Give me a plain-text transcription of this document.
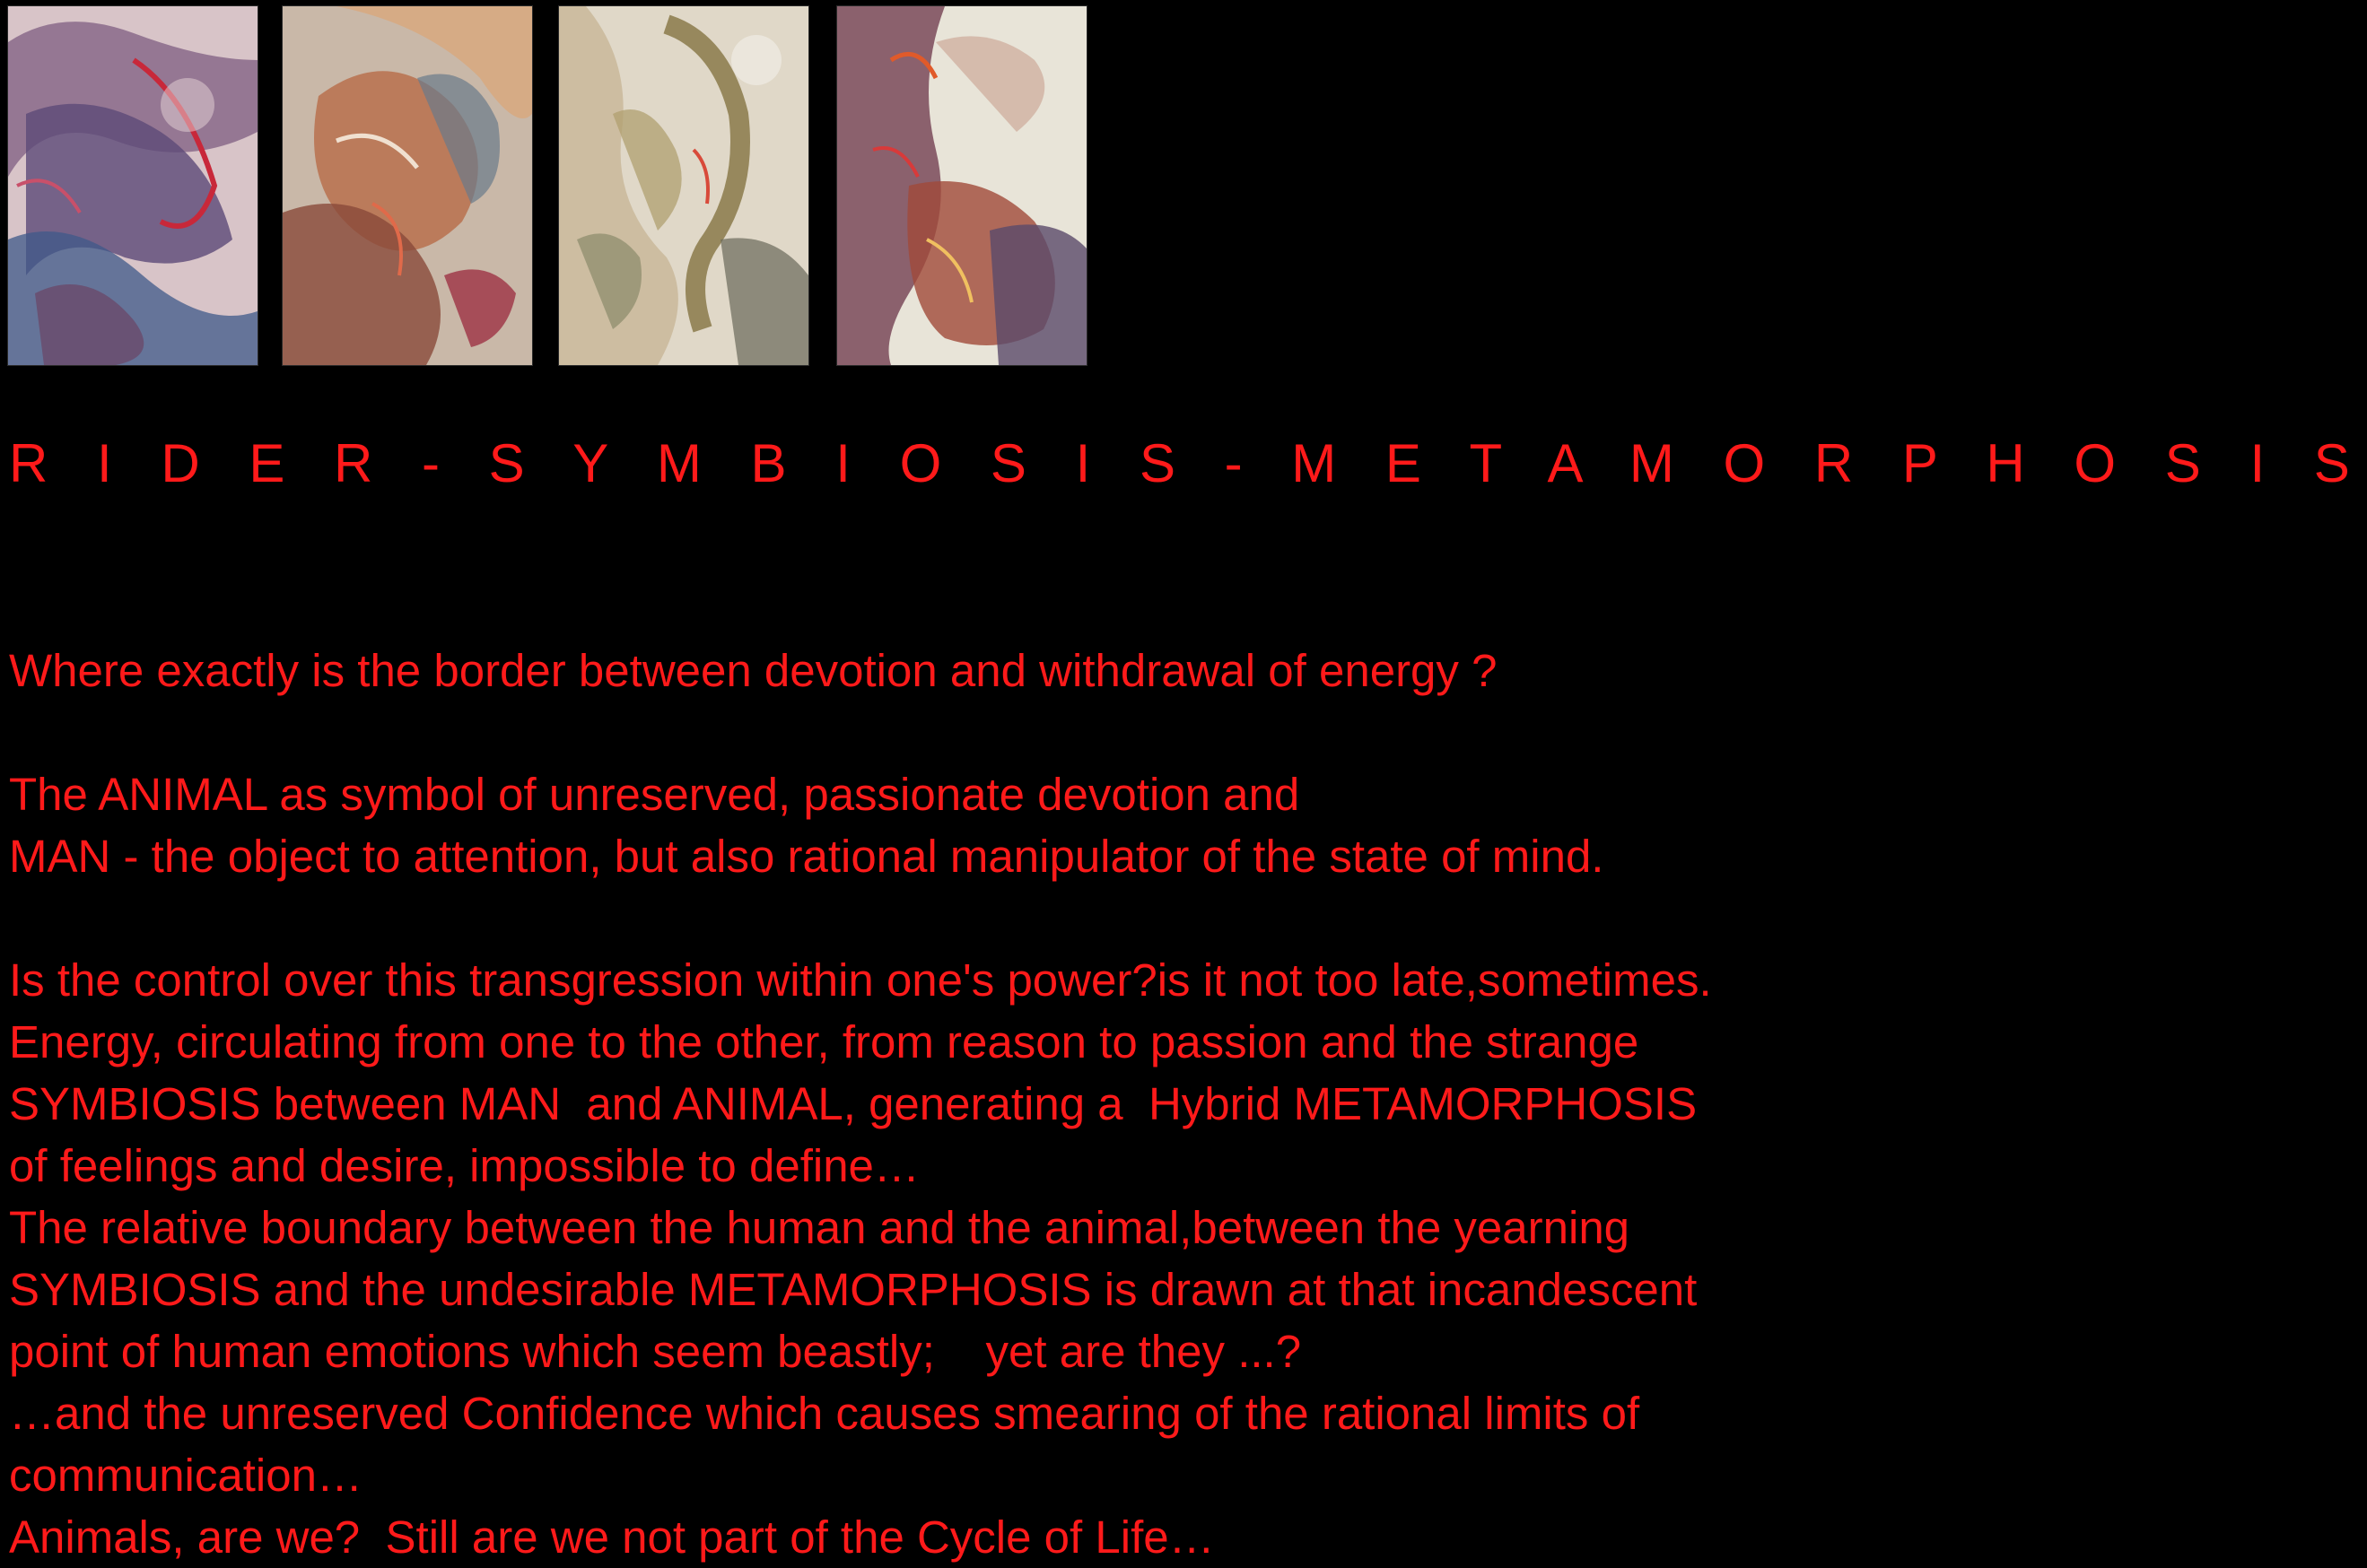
R I D E R - S Y M B I O S I S - M E T A M O R P H O S I S
Where exactly is the border between devotion and withdrawal of energy ?
The ANIMAL as symbol of unreserved, passionate devotion and
MAN - the object to attention, but also rational manipulator of the state of mind.
Is the control over this transgression within one's power?is it not too late,sometimes.
Energy, circulating from one to the other, from reason to passion and the strange
SYMBIOSIS between MAN  and ANIMAL, generating a  Hybrid METAMORPHOSIS
of feelings and desire, impossible to define…
The relative boundary between the human and the animal,between the yearning
SYMBIOSIS and the undesirable METAMORPHOSIS is drawn at that incandescent
point of human emotions which seem beastly;    yet are they ...?
…and the unreserved Confidence which causes smearing of the rational limits of
communication…
Animals, are we?  Still are we not part of the Cycle of Life…
